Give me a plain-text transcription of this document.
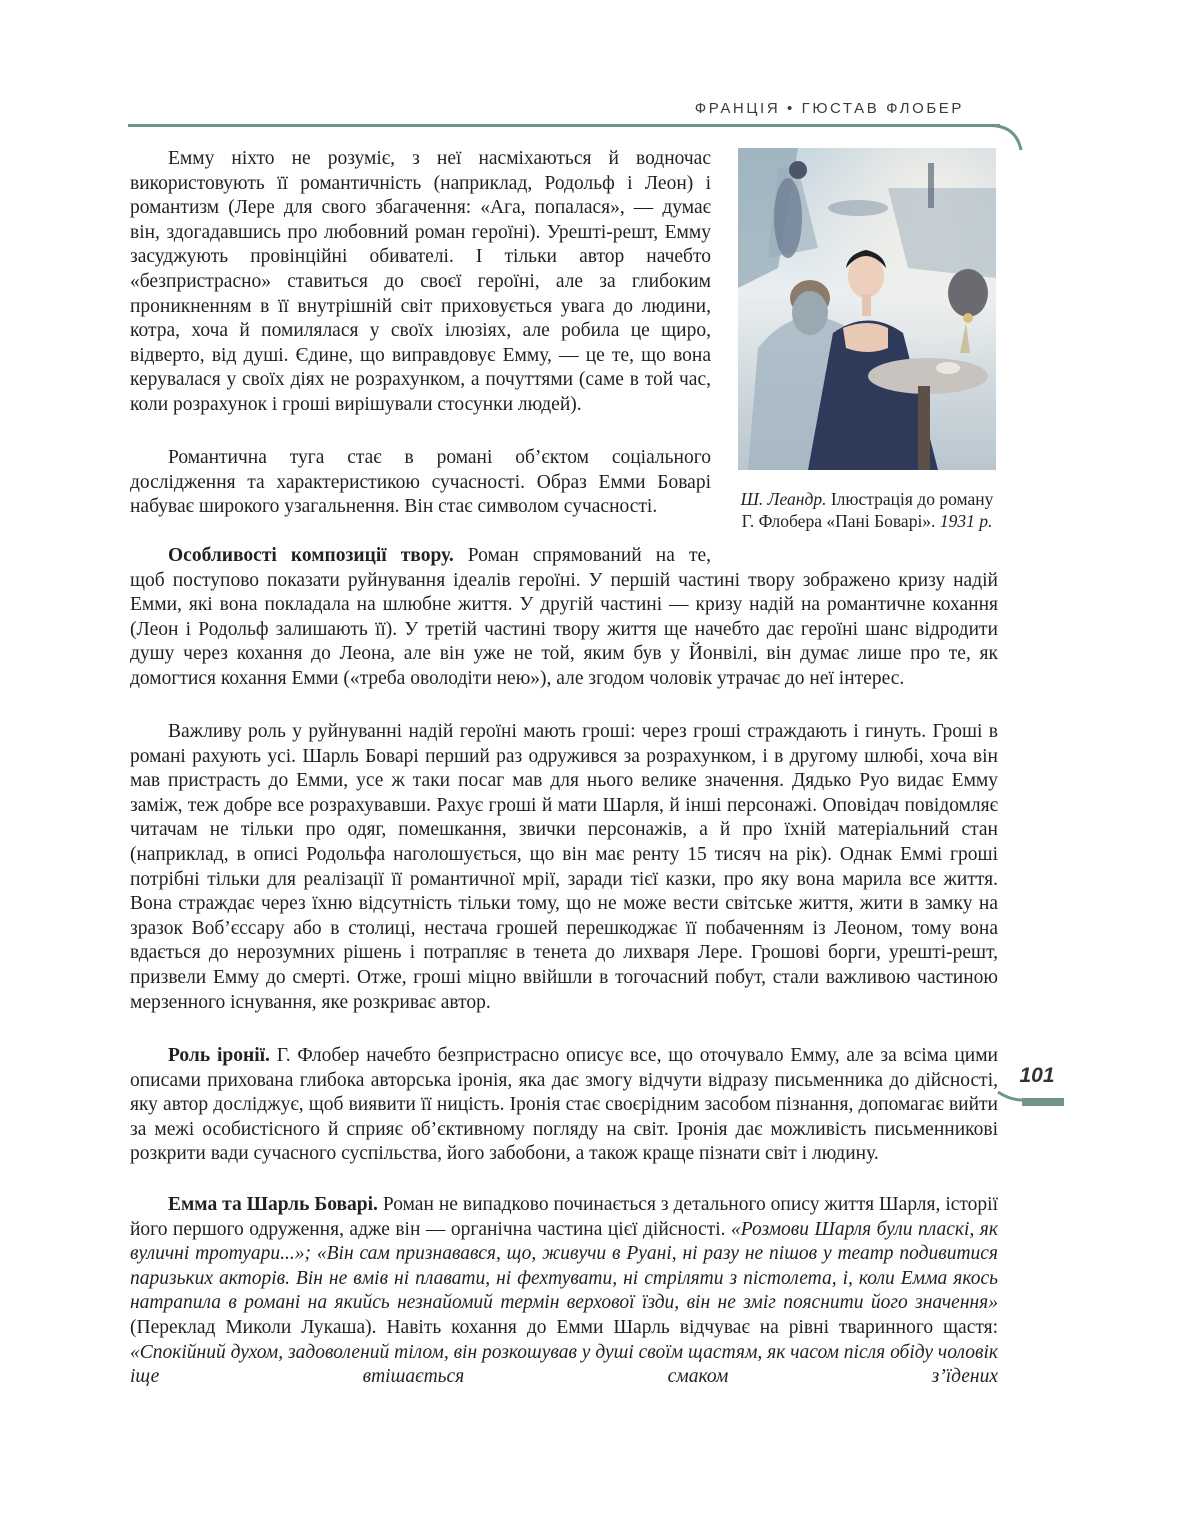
ФРАНЦІЯ • ГЮСТАВ ФЛОБЕР

Ш. Леандр. Ілюстрація до роману Г. Флобера «Пані Боварі». 1931 р.

Емму ніхто не розуміє, з неї насміхаються й водночас використовують її романтичність (наприклад, Родольф і Леон) і романтизм (Лере для свого збагачення: «Ага, попалася», — думає він, здогадавшись про любовний роман героїні). Урешті-решт, Емму засуджують провінційні обивателі. І тільки автор начебто «безпристрасно» ставиться до своєї героїні, але за глибоким проникненням в її внутрішній світ приховується увага до людини, котра, хоча й помилялася у своїх ілюзіях, але робила це щиро, відверто, від душі. Єдине, що виправдовує Емму, — це те, що вона керувалася у своїх діях не розрахунком, а почуттями (саме в той час, коли розрахунок і гроші вирішували стосунки людей).

Романтична туга стає в романі об’єктом соціального дослідження та характеристикою сучасності. Образ Емми Боварі набуває широкого узагальнення. Він стає символом сучасності.

Особливості композиції твору. Роман спрямований на те,

щоб поступово показати руйнування ідеалів героїні. У першій частині твору зображено кризу надій Емми, які вона покладала на шлюбне життя. У другій частині — кризу надій на романтичне кохання (Леон і Родольф залишають її). У третій частині твору життя ще начебто дає героїні шанс відродити душу через кохання до Леона, але він уже не той, яким був у Йонвілі, він думає лише про те, як домогтися кохання Емми («треба оволодіти нею»), але згодом чоловік утрачає до неї інтерес.

Важливу роль у руйнуванні надій героїні мають гроші: через гроші страждають і гинуть. Гроші в романі рахують усі. Шарль Боварі перший раз одружився за розрахунком, і в другому шлюбі, хоча він мав пристрасть до Емми, усе ж таки посаг мав для нього велике значення. Дядько Руо видає Емму заміж, теж добре все розрахувавши. Рахує гроші й мати Шарля, й інші персонажі. Оповідач повідомляє читачам не тільки про одяг, помешкання, звички персонажів, а й про їхній матеріальний стан (наприклад, в описі Родольфа наголошується, що він має ренту 15 тисяч на рік). Однак Еммі гроші потрібні тільки для реалізації її романтичної мрії, заради тієї казки, про яку вона марила все життя. Вона страждає через їхню відсутність тільки тому, що не може вести світське життя, жити в замку на зразок Воб’єссару або в столиці, нестача грошей перешкоджає її побаченням із Леоном, тому вона вдається до нерозумних рішень і потрапляє в тенета до лихваря Лере. Грошові борги, урешті-решт, призвели Емму до смерті. Отже, гроші міцно ввійшли в тогочасний побут, стали важливою частиною мерзенного існування, яке розкриває автор.

Роль іронії. Г. Флобер начебто безпристрасно описує все, що оточувало Емму, але за всіма цими описами прихована глибока авторська іронія, яка дає змогу відчути відразу письменника до дійсності, яку автор досліджує, щоб виявити її ницість. Іронія стає своєрідним засобом пізнання, допомагає вийти за межі особистісного й сприяє об’єктивному погляду на світ. Іронія дає можливість письменникові розкрити вади сучасного суспільства, його забобони, а також краще пізнати світ і людину.

Емма та Шарль Боварі. Роман не випадково починається з детального опису життя Шарля, історії його першого одруження, адже він — органічна частина цієї дійсності. «Розмови Шарля були пласкі, як вуличні тротуари...»; «Він сам признавався, що, живучи в Руані, ні разу не пішов у театр подивитися паризьких акторів. Він не вмів ні плавати, ні фехтувати, ні стріляти з пістолета, і, коли Емма якось натрапила в романі на якийсь незнайомий термін верхової їзди, він не зміг пояснити його значення» (Переклад Миколи Лукаша). Навіть кохання до Емми Шарль відчуває на рівні тваринного щастя: «Спокійний духом, задоволений тілом, він розкошував у душі своїм щастям, як часом після обіду чоловік іще втішається смаком з’їдених

101
